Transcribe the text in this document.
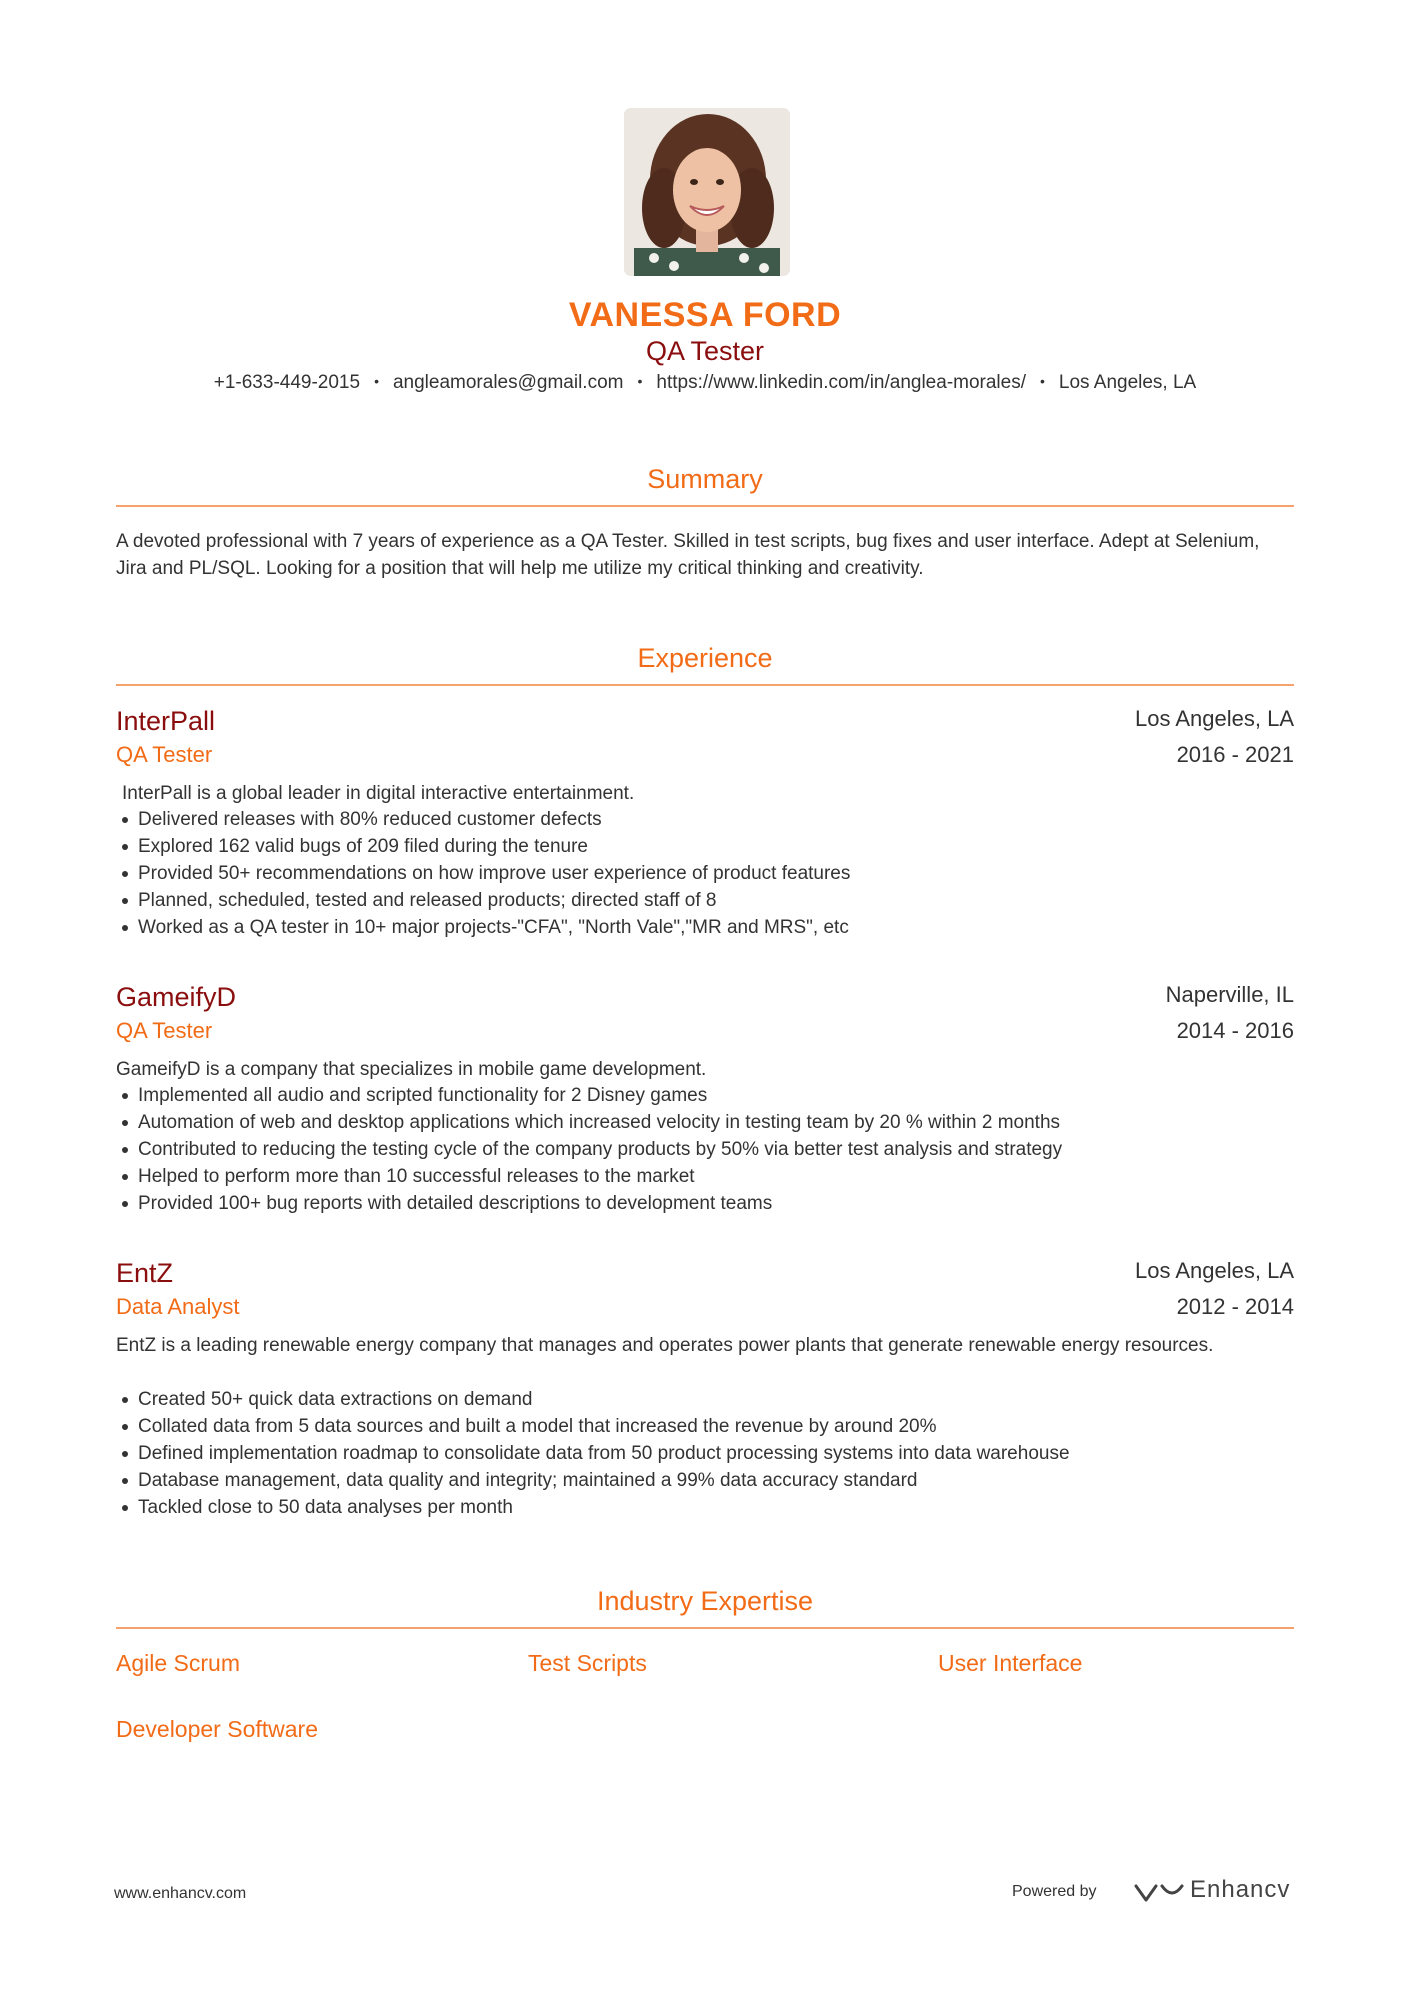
VANESSA FORD
QA Tester
+1-633-449-2015 • angleamorales@gmail.com • https://www.linkedin.com/in/anglea-morales/ • Los Angeles, LA
Summary
A devoted professional with 7 years of experience as a QA Tester. Skilled in test scripts, bug fixes and user interface. Adept at Selenium, Jira and PL/SQL. Looking for a position that will help me utilize my critical thinking and creativity.
Experience
InterPall
QA Tester
Los Angeles, LA
2016 - 2021
InterPall is a global leader in digital interactive entertainment.
Delivered releases with 80% reduced customer defects
Explored 162 valid bugs of 209 filed during the tenure
Provided 50+ recommendations on how improve user experience of product features
Planned, scheduled, tested and released products; directed staff of 8
Worked as a QA tester in 10+ major projects-"CFA", "North Vale","MR and MRS", etc
GameifyD
QA Tester
Naperville, IL
2014 - 2016
GameifyD is a company that specializes in mobile game development.
Implemented all audio and scripted functionality for 2 Disney games
Automation of web and desktop applications which increased velocity in testing team by 20 % within 2 months
Contributed to reducing the testing cycle of the company products by 50% via better test analysis and strategy
Helped to perform more than 10 successful releases to the market
Provided 100+ bug reports with detailed descriptions to development teams
EntZ
Data Analyst
Los Angeles, LA
2012 - 2014
EntZ is a leading renewable energy company that manages and operates power plants that generate renewable energy resources.
Created 50+ quick data extractions on demand
Collated data from 5 data sources and built a model that increased the revenue by around 20%
Defined implementation roadmap to consolidate data from 50 product processing systems into data warehouse
Database management, data quality and integrity; maintained a 99% data accuracy standard
Tackled close to 50 data analyses per month
Industry Expertise
Agile Scrum	Test Scripts	User Interface
Developer Software
www.enhancv.com	Powered by	Enhancv
